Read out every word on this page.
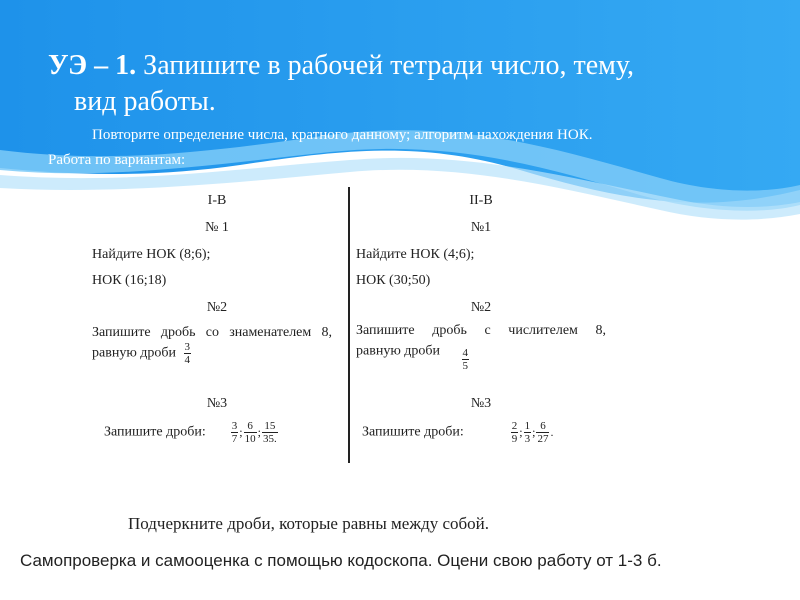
УЭ – 1. Запишите в рабочей тетради число, тему,
вид работы.
Повторите определение числа, кратного данному; алгоритм нахождения НОК.
Работа по вариантам:
I-В
№ 1
Найдите НОК (8;6);
НОК (16;18)
№2
Запишите дробь со знаменателем 8,
равную дроби $\frac{3}{4}$
№3
Запишите дроби: $\frac{3}{7}$ ; $\frac{6}{10}$ ; $\frac{15}{35.}$
II-В
№1
Найдите НОК (4;6);
НОК (30;50)
№2
Запишите дробь с числителем 8,
равную дроби $\frac{4}{5}$
№3
Запишите дроби:	$\frac{2}{9}$ ; $\frac{1}{3}$ ; $\frac{6}{27}$ .
Подчеркните дроби, которые равны между собой.
Самопроверка и самооценка с помощью кодоскопа. Оцени свою работу от 1-3 б.
